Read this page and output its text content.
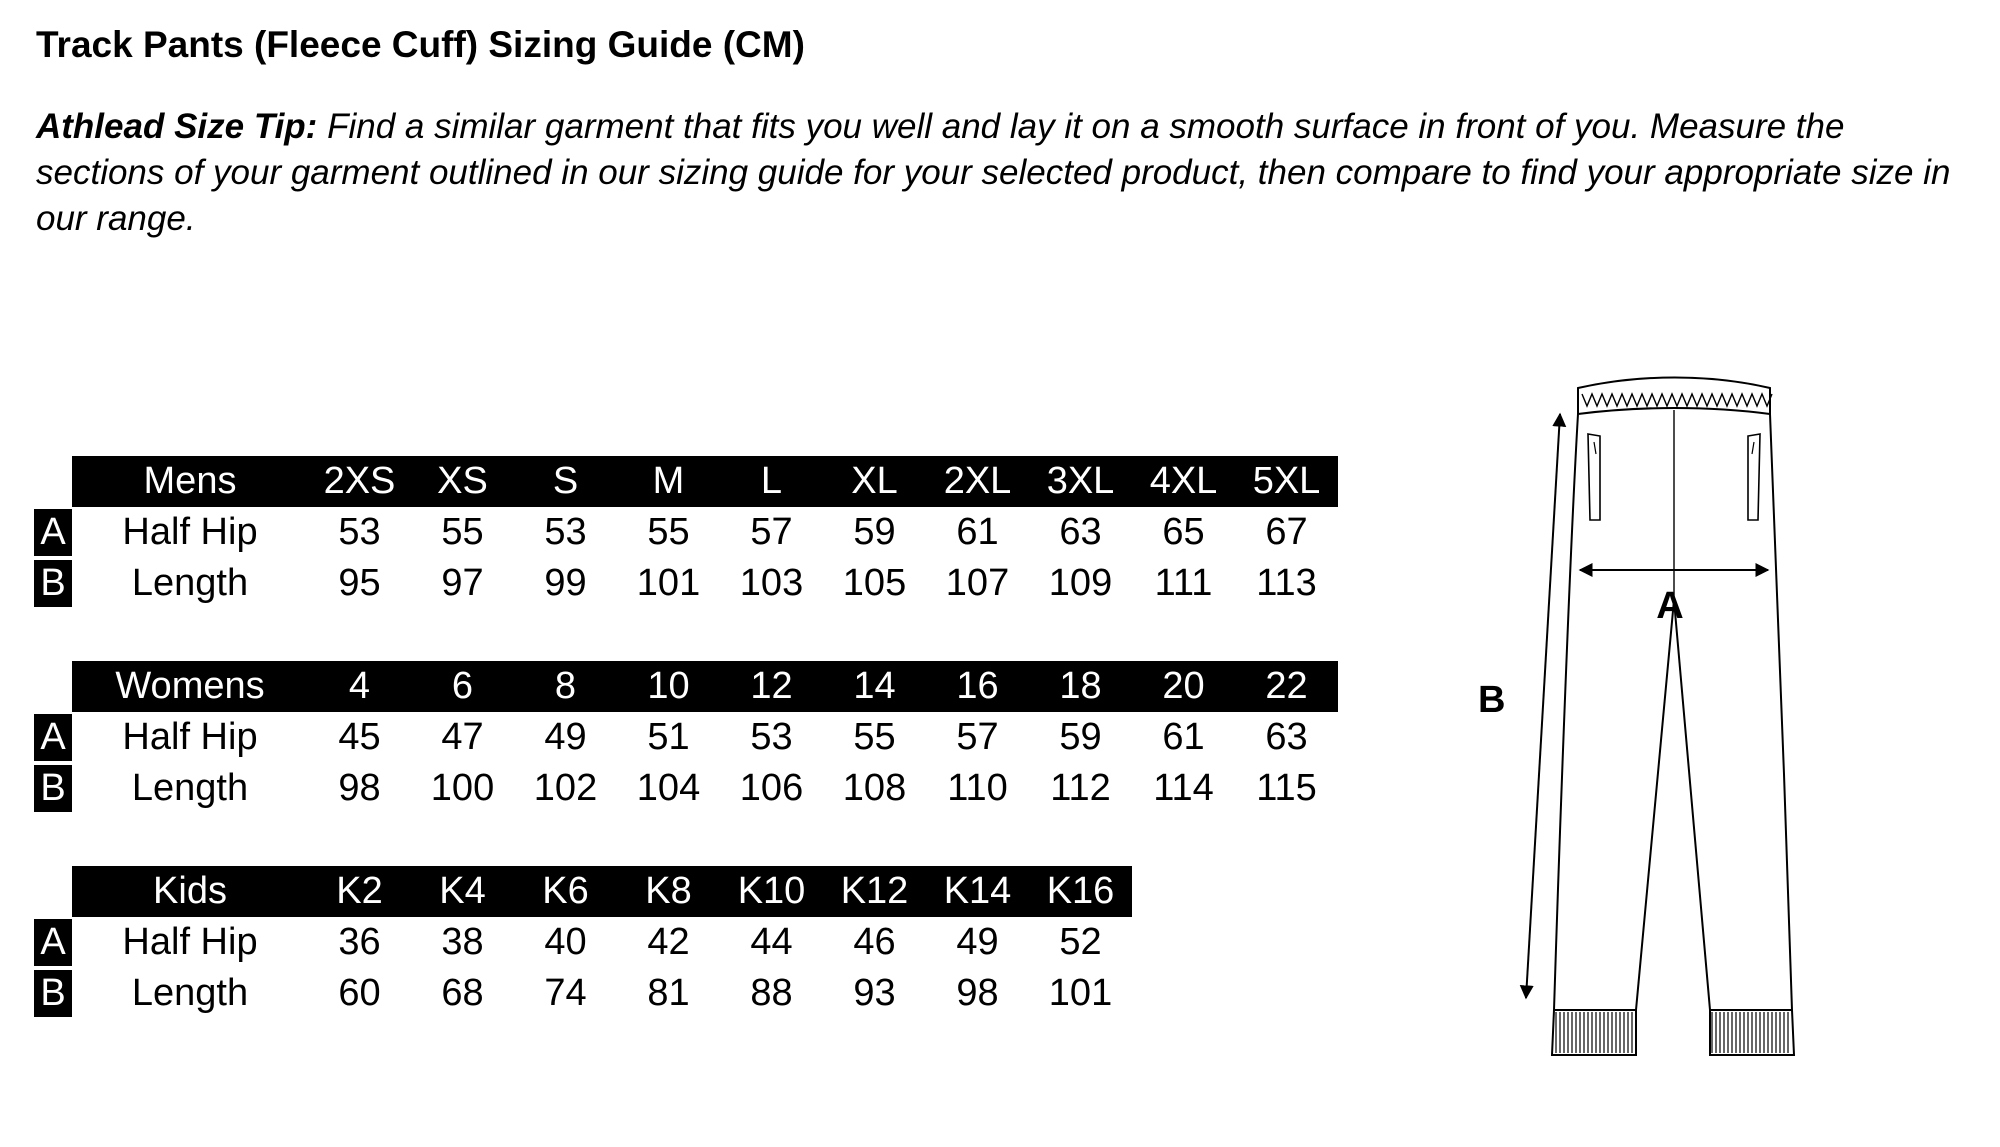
Track Pants (Fleece Cuff) Sizing Guide (CM)
Athlead Size Tip: Find a similar garment that fits you well and lay it on a smooth surface in front of you. Measure the sections of your garment outlined in our sizing guide for your selected product, then compare to find your appropriate size in our range.
	Mens	2XS	XS	S	M	L	XL	2XL	3XL	4XL	5XL

A	Half Hip	53	55	53	55	57	59	61	63	65	67

B	Length	95	97	99	101	103	105	107	109	111	113
	Womens	4	6	8	10	12	14	16	18	20	22

A	Half Hip	45	47	49	51	53	55	57	59	61	63

B	Length	98	100	102	104	106	108	110	112	114	115
	Kids	K2	K4	K6	K8	K10	K12	K14	K16

A	Half Hip	36	38	40	42	44	46	49	52

B	Length	60	68	74	81	88	93	98	101
A
B
